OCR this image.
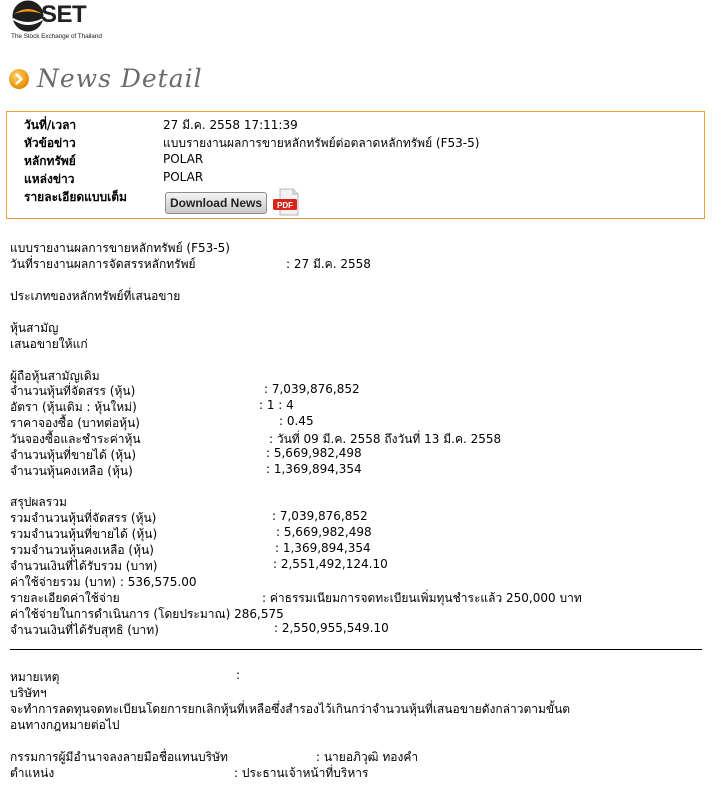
SET
The Stock Exchange of Thailand
News Detail
วันที่/เวลา	27 มี.ค. 2558 17:11:39
หัวข้อข่าว	แบบรายงานผลการขายหลักทรัพย์ต่อตลาดหลักทรัพย์ (F53-5)
หลักทรัพย์	POLAR
แหล่งข่าว	POLAR
รายละเอียดแบบเต็ม	Download News	PDF
แบบรายงานผลการขายหลักทรัพย์ (F53-5)
วันที่รายงานผลการจัดสรรหลักทรัพย์	: 27 มี.ค. 2558
ประเภทของหลักทรัพย์ที่เสนอขาย
หุ้นสามัญ
เสนอขายให้แก่
ผู้ถือหุ้นสามัญเดิม
จำนวนหุ้นที่จัดสรร (หุ้น)	: 7,039,876,852
อัตรา (หุ้นเดิม : หุ้นใหม่)	: 1 : 4
ราคาจองซื้อ (บาทต่อหุ้น)	: 0.45
วันจองซื้อและชำระค่าหุ้น	: วันที่ 09 มี.ค. 2558 ถึงวันที่ 13 มี.ค. 2558
จำนวนหุ้นที่ขายได้ (หุ้น)	: 5,669,982,498
จำนวนหุ้นคงเหลือ (หุ้น)	: 1,369,894,354
สรุปผลรวม
รวมจำนวนหุ้นที่จัดสรร (หุ้น)	: 7,039,876,852
รวมจำนวนหุ้นที่ขายได้ (หุ้น)	: 5,669,982,498
รวมจำนวนหุ้นคงเหลือ (หุ้น)	: 1,369,894,354
จำนวนเงินที่ได้รับรวม (บาท)	: 2,551,492,124.10
ค่าใช้จ่ายรวม (บาท) : 536,575.00
รายละเอียดค่าใช้จ่าย	: ค่าธรรมเนียมการจดทะเบียนเพิ่มทุนชำระแล้ว 250,000 บาท
ค่าใช้จ่ายในการดำเนินการ (โดยประมาณ) 286,575
จำนวนเงินที่ได้รับสุทธิ (บาท)	: 2,550,955,549.10
หมายเหตุ	:
บริษัทฯ
จะทำการลดทุนจดทะเบียนโดยการยกเลิกหุ้นที่เหลือซึ่งสำรองไว้เกินกว่าจำนวนหุ้นที่เสนอขายดังกล่าวตามขั้นต
อนทางกฎหมายต่อไป
กรรมการผู้มีอำนาจลงลายมือชื่อแทนบริษัท	: นายอภิวุฒิ ทองคำ
ตำแหน่ง	: ประธานเจ้าหน้าที่บริหาร
